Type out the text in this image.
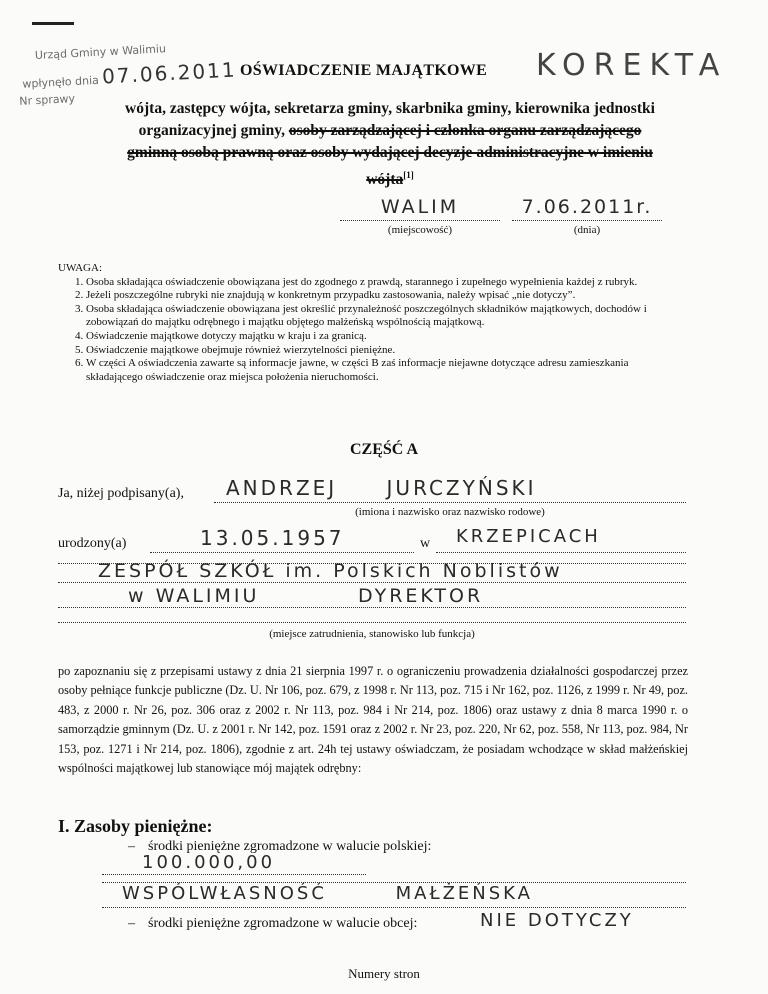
Urząd Gminy w Walimiu
wpłynęło dnia 07.06.2011
Nr sprawy
OŚWIADCZENIE MAJĄTKOWE KOREKTA
wójta, zastępcy wójta, sekretarza gminy, skarbnika gminy, kierownika jednostki
organizacyjnej gminy, osoby zarządzającej i członka organu zarządzającego
gminną osobą prawną oraz osoby wydającej decyzje administracyjne w imieniu
wójta[1]
WALIM	7.06.2011r.
(miejscowość)	(dnia)
UWAGA:
1. Osoba składająca oświadczenie obowiązana jest do zgodnego z prawdą, starannego i zupełnego wypełnienia każdej z rubryk.
2. Jeżeli poszczególne rubryki nie znajdują w konkretnym przypadku zastosowania, należy wpisać „nie dotyczy”.
3. Osoba składająca oświadczenie obowiązana jest określić przynależność poszczególnych składników majątkowych, dochodów i zobowiązań do majątku odrębnego i majątku objętego małżeńską wspólnością majątkową.
4. Oświadczenie majątkowe dotyczy majątku w kraju i za granicą.
5. Oświadczenie majątkowe obejmuje również wierzytelności pieniężne.
6. W części A oświadczenia zawarte są informacje jawne, w części B zaś informacje niejawne dotyczące adresu zamieszkania składającego oświadczenie oraz miejsca położenia nieruchomości.
CZĘŚĆ A
Ja, niżej podpisany(a),	ANDRZEJ JURCZYŃSKI
(imiona i nazwisko oraz nazwisko rodowe)
urodzony(a)	13.05.1957	w	KRZEPICACH
ZESPÓŁ SZKÓŁ im. Polskich Noblistów
w WALIMIU	DYREKTOR
(miejsce zatrudnienia, stanowisko lub funkcja)
po zapoznaniu się z przepisami ustawy z dnia 21 sierpnia 1997 r. o ograniczeniu prowadzenia działalności gospodarczej przez osoby pełniące funkcje publiczne (Dz. U. Nr 106, poz. 679, z 1998 r. Nr 113, poz. 715 i Nr 162, poz. 1126, z 1999 r. Nr 49, poz. 483, z 2000 r. Nr 26, poz. 306 oraz z 2002 r. Nr 113, poz. 984 i Nr 214, poz. 1806) oraz ustawy z dnia 8 marca 1990 r. o samorządzie gminnym (Dz. U. z 2001 r. Nr 142, poz. 1591 oraz z 2002 r. Nr 23, poz. 220, Nr 62, poz. 558, Nr 113, poz. 984, Nr 153, poz. 1271 i Nr 214, poz. 1806), zgodnie z art. 24h tej ustawy oświadczam, że posiadam wchodzące w skład małżeńskiej wspólności majątkowej lub stanowiące mój majątek odrębny:
I. Zasoby pieniężne:
– środki pieniężne zgromadzone w walucie polskiej:
100.000,00
WSPÓLWŁASNOŚĆ MAŁŻEŃSKA
– środki pieniężne zgromadzone w walucie obcej:	NIE DOTYCZY
Numery stron
